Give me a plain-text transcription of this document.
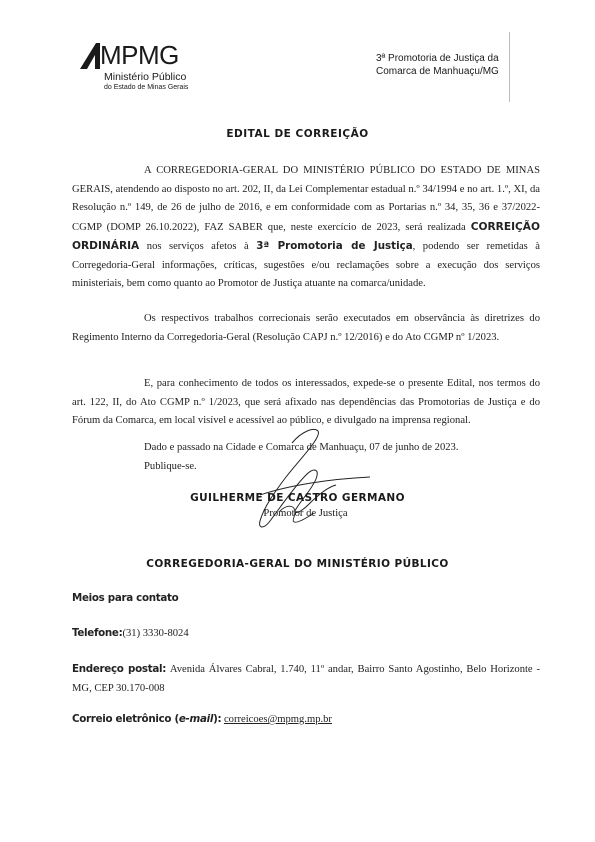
MPMG
Ministério Público
do Estado de Minas Gerais
3ª Promotoria de Justiça da
Comarca de Manhuaçu/MG
EDITAL DE CORREIÇÃO
A CORREGEDORIA-GERAL DO MINISTÉRIO PÚBLICO DO ESTADO DE MINAS GERAIS, atendendo ao disposto no art. 202, II, da Lei Complementar estadual n.º 34/1994 e no art. 1.º, XI, da Resolução n.º 149, de 26 de julho de 2016, e em conformidade com as Portarias n.º 34, 35, 36 e 37/2022-CGMP (DOMP 26.10.2022), FAZ SABER que, neste exercício de 2023, será realizada CORREIÇÃO ORDINÁRIA nos serviços afetos à 3ª Promotoria de Justiça, podendo ser remetidas à Corregedoria-Geral informações, críticas, sugestões e/ou reclamações sobre a execução dos serviços ministeriais, bem como quanto ao Promotor de Justiça atuante na comarca/unidade.
Os respectivos trabalhos correcionais serão executados em observância às diretrizes do Regimento Interno da Corregedoria-Geral (Resolução CAPJ n.º 12/2016) e do Ato CGMP nº 1/2023.
E, para conhecimento de todos os interessados, expede-se o presente Edital, nos termos do art. 122, II, do Ato CGMP n.º 1/2023, que será afixado nas dependências das Promotorias de Justiça e do Fórum da Comarca, em local visível e acessível ao público, e divulgado na imprensa regional.
Dado e passado na Cidade e Comarca de Manhuaçu, 07 de junho de 2023.
Publique-se.
GUILHERME DE CASTRO GERMANO
Promotor de Justiça
CORREGEDORIA-GERAL DO MINISTÉRIO PÚBLICO
Meios para contato
Telefone:(31) 3330-8024
Endereço postal: Avenida Álvares Cabral, 1.740, 11º andar, Bairro Santo Agostinho, Belo Horizonte - MG, CEP 30.170-008
Correio eletrônico (e-mail): correicoes@mpmg.mp.br
